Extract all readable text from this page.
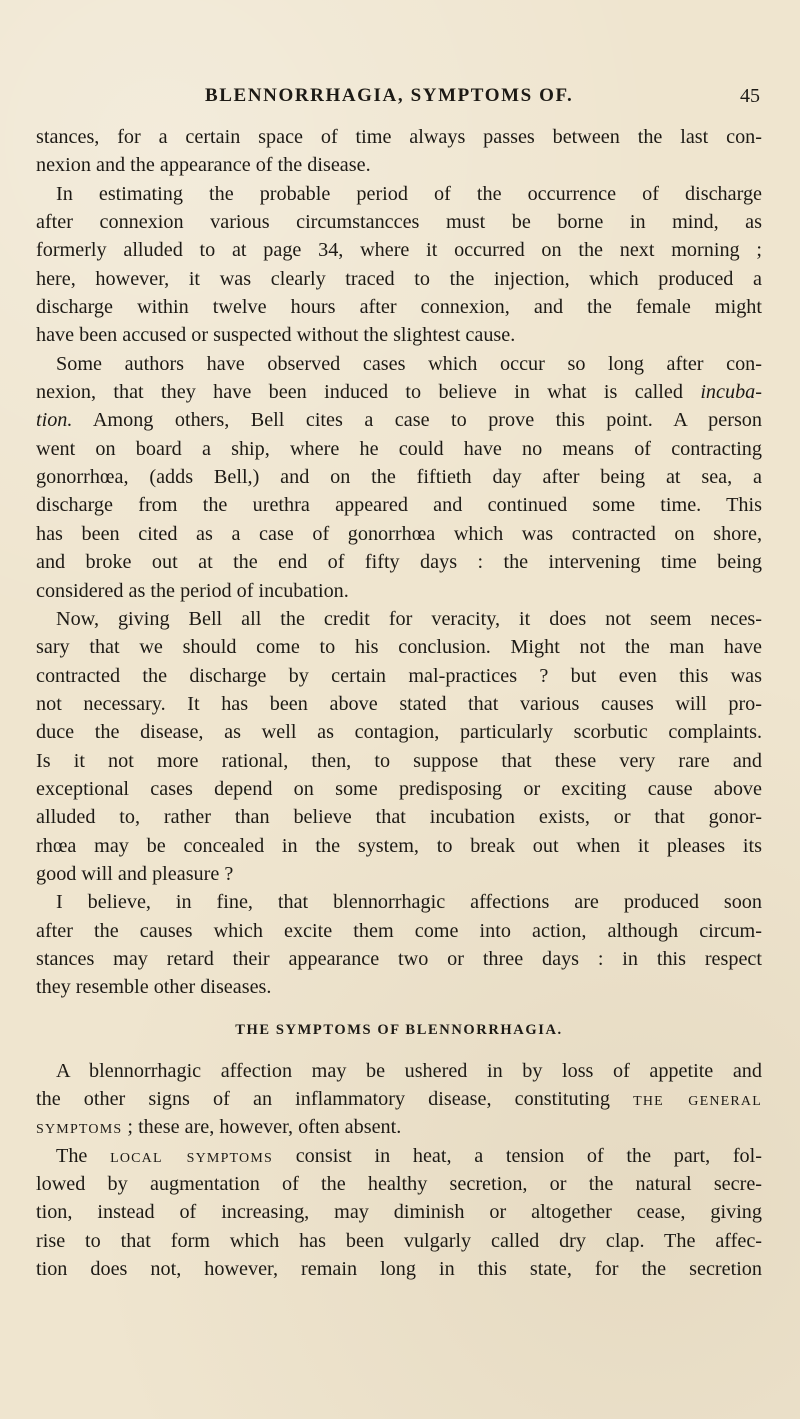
BLENNORRHAGIA, SYMPTOMS OF.	45
stances, for a certain space of time always passes between the last con-
nexion and the appearance of the disease.
In estimating the probable period of the occurrence of discharge
after connexion various circumstancces must be borne in mind, as
formerly alluded to at page 34, where it occurred on the next morning ;
here, however, it was clearly traced to the injection, which produced a
discharge within twelve hours after connexion, and the female might
have been accused or suspected without the slightest cause.
Some authors have observed cases which occur so long after con-
nexion, that they have been induced to believe in what is called incuba-
tion. Among others, Bell cites a case to prove this point. A person
went on board a ship, where he could have no means of contracting
gonorrhœa, (adds Bell,) and on the fiftieth day after being at sea, a
discharge from the urethra appeared and continued some time. This
has been cited as a case of gonorrhœa which was contracted on shore,
and broke out at the end of fifty days : the intervening time being
considered as the period of incubation.
Now, giving Bell all the credit for veracity, it does not seem neces-
sary that we should come to his conclusion. Might not the man have
contracted the discharge by certain mal-practices ? but even this was
not necessary. It has been above stated that various causes will pro-
duce the disease, as well as contagion, particularly scorbutic complaints.
Is it not more rational, then, to suppose that these very rare and
exceptional cases depend on some predisposing or exciting cause above
alluded to, rather than believe that incubation exists, or that gonor-
rhœa may be concealed in the system, to break out when it pleases its
good will and pleasure ?
I believe, in fine, that blennorrhagic affections are produced soon
after the causes which excite them come into action, although circum-
stances may retard their appearance two or three days : in this respect
they resemble other diseases.
THE SYMPTOMS OF BLENNORRHAGIA.
A blennorrhagic affection may be ushered in by loss of appetite and
the other signs of an inflammatory disease, constituting the general
symptoms ; these are, however, often absent.
The local symptoms consist in heat, a tension of the part, fol-
lowed by augmentation of the healthy secretion, or the natural secre-
tion, instead of increasing, may diminish or altogether cease, giving
rise to that form which has been vulgarly called dry clap. The affec-
tion does not, however, remain long in this state, for the secretion
